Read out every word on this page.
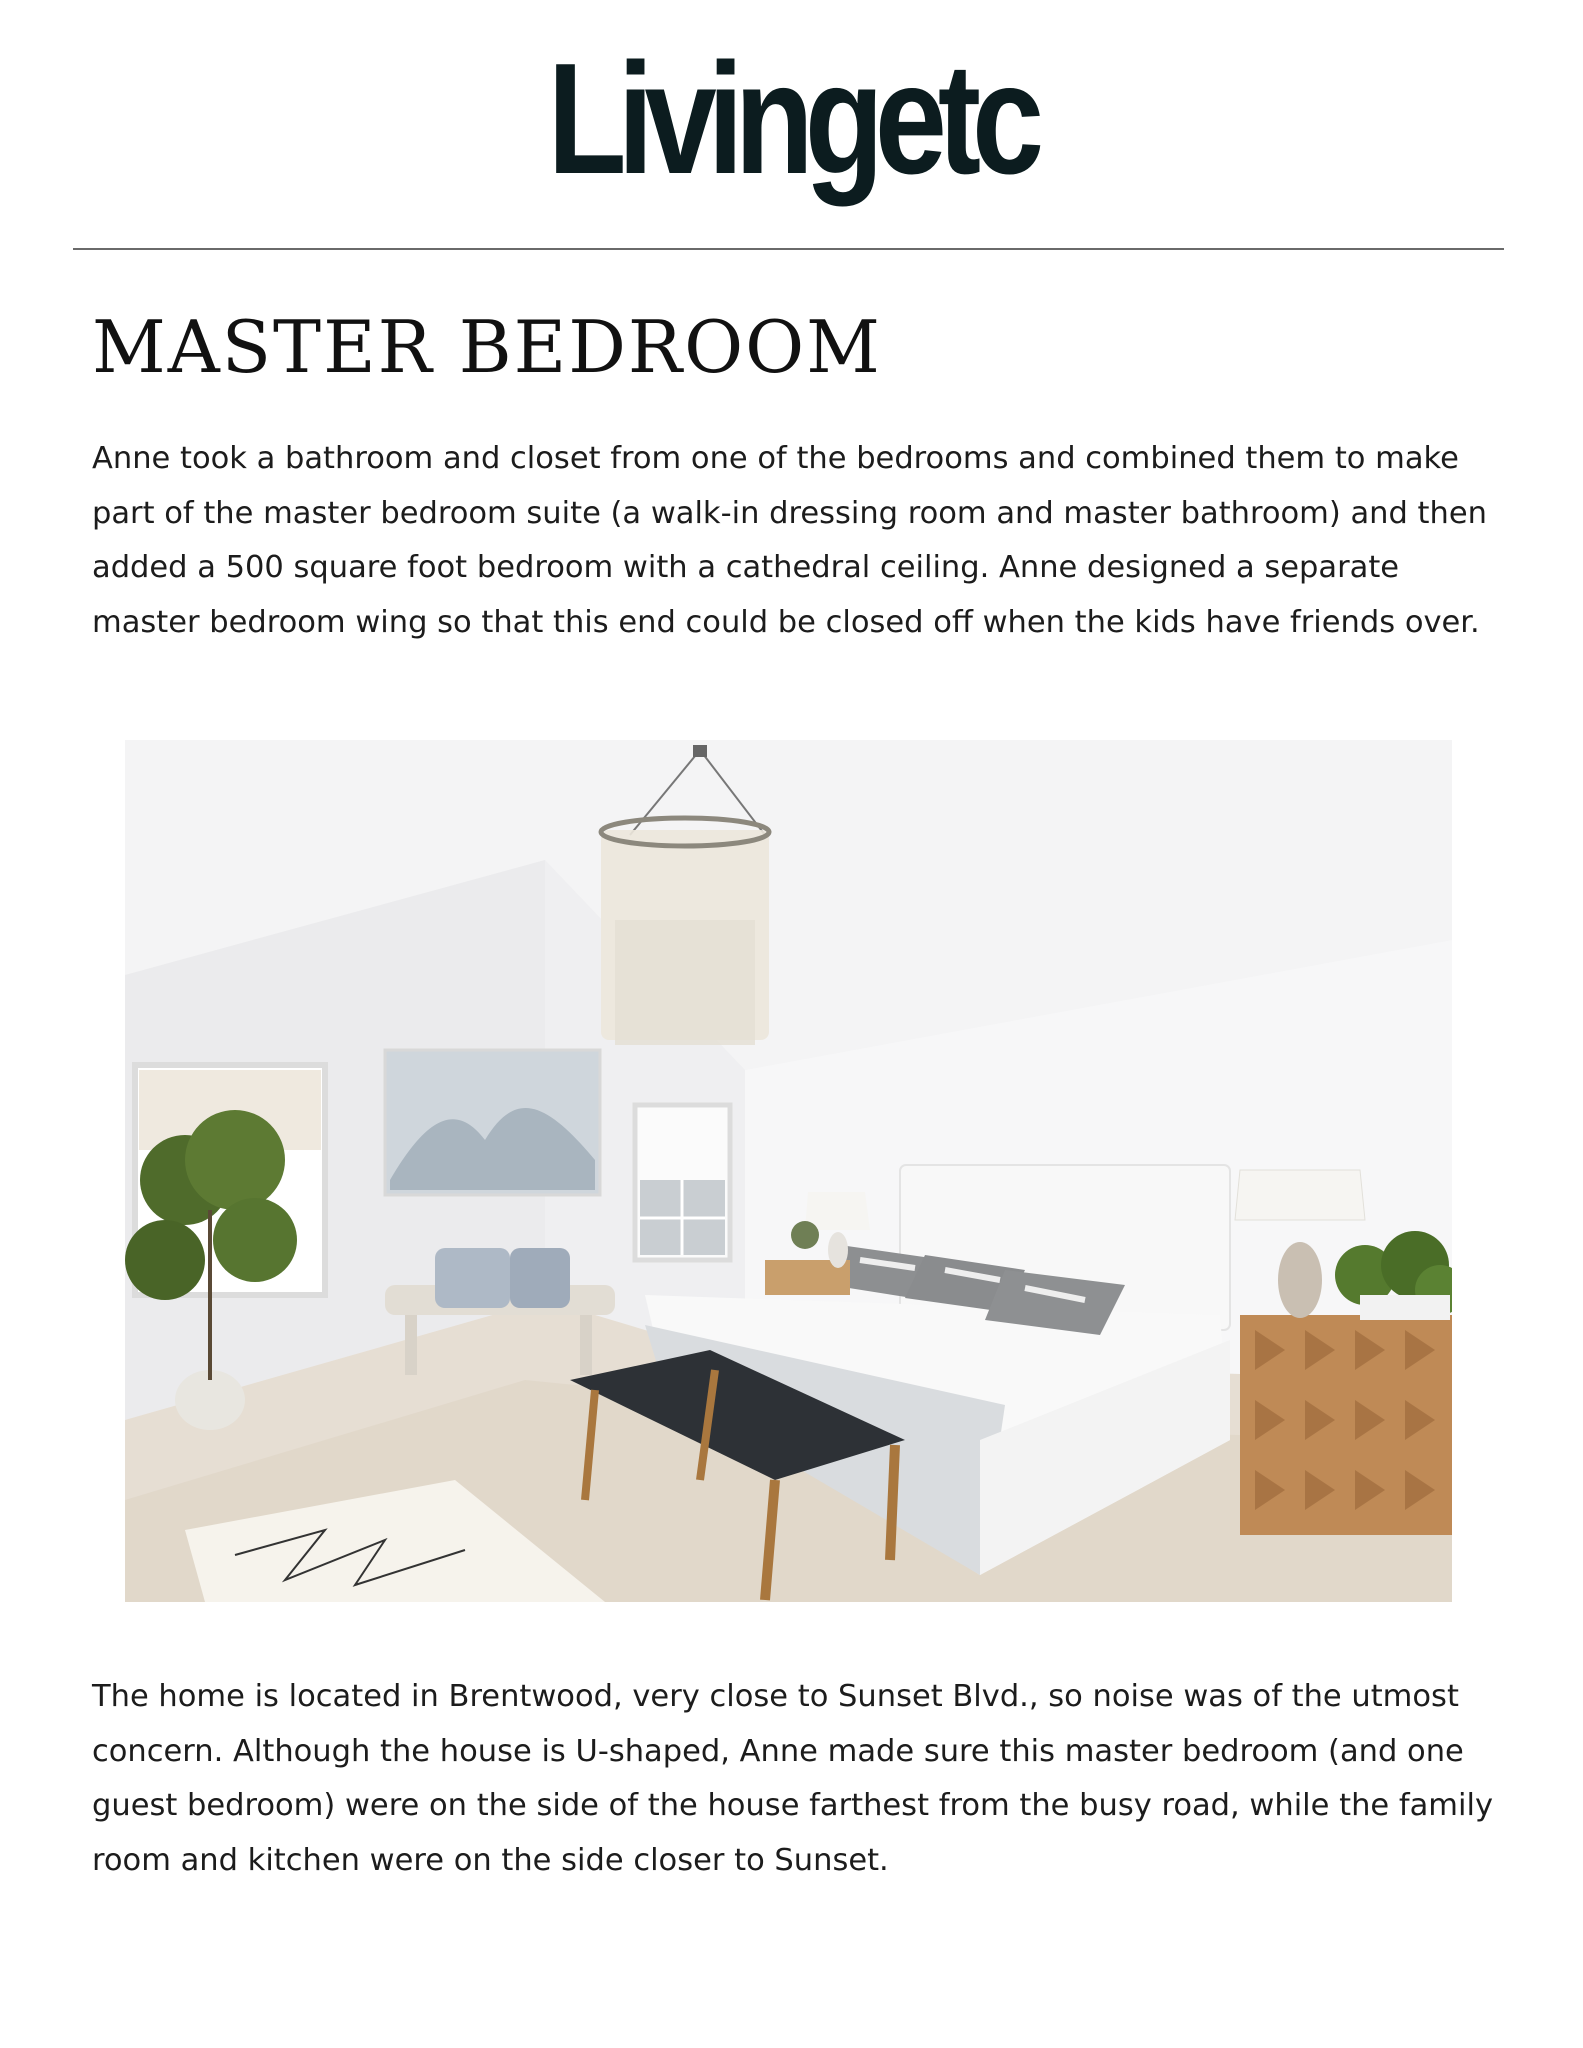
Livingetc
MASTER BEDROOM

Anne took a bathroom and closet from one of the bedrooms and combined them to make part of the master bedroom suite (a walk-in dressing room and master bathroom) and then added a 500 square foot bedroom with a cathedral ceiling. Anne designed a separate master bedroom wing so that this end could be closed off when the kids have friends over.

The home is located in Brentwood, very close to Sunset Blvd., so noise was of the utmost concern. Although the house is U-shaped, Anne made sure this master bedroom (and one guest bedroom) were on the side of the house farthest from the busy road, while the family room and kitchen were on the side closer to Sunset.
